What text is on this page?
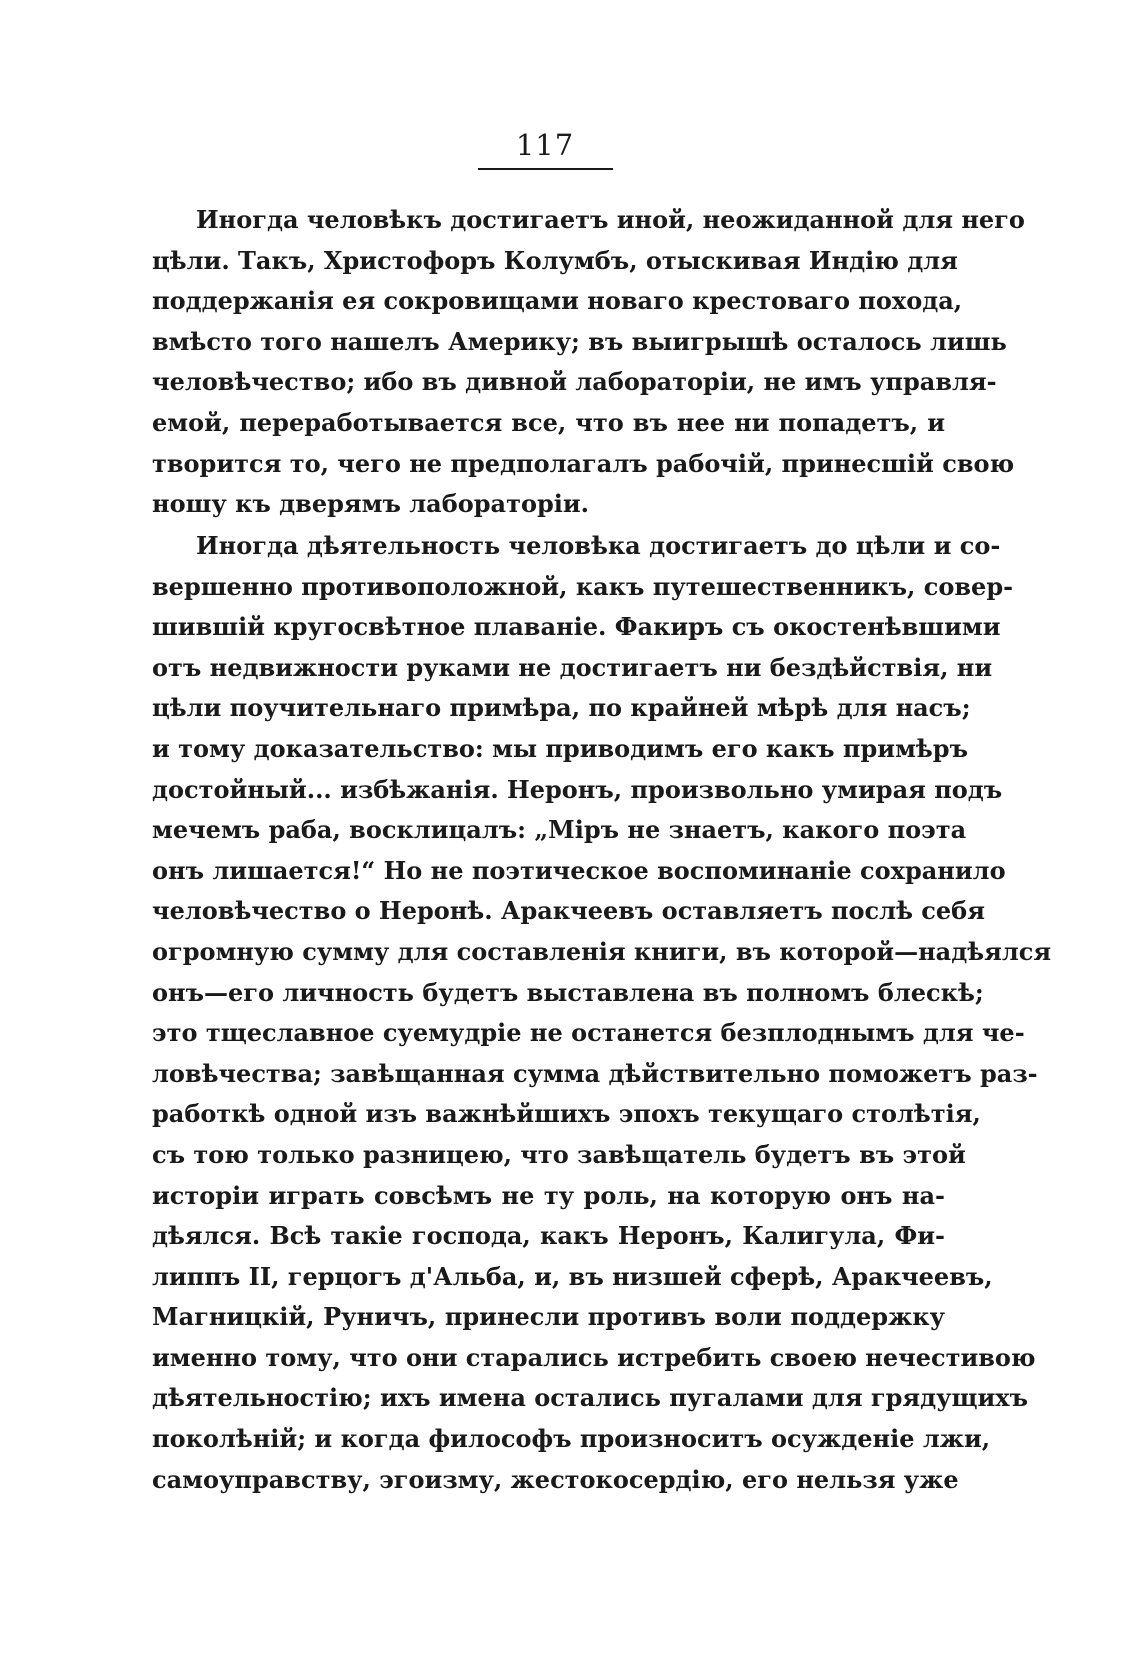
117
Иногда человѣкъ достигаетъ иной, неожиданной для него
цѣли. Такъ, Христофоръ Колумбъ, отыскивая Индію для
поддержанія ея сокровищами новаго крестоваго похода,
вмѣсто того нашелъ Америку; въ выигрышѣ осталось лишь
человѣчество; ибо въ дивной лабораторіи, не имъ управля-
емой, переработывается все, что въ нее ни попадетъ, и
творится то, чего не предполагалъ рабочій, принесшій свою
ношу къ дверямъ лабораторіи.
Иногда дѣятельность человѣка достигаетъ до цѣли и со-
вершенно противоположной, какъ путешественникъ, совер-
шившій кругосвѣтное плаваніе. Факиръ съ окостенѣвшими
отъ недвижности руками не достигаетъ ни бездѣйствія, ни
цѣли поучительнаго примѣра, по крайней мѣрѣ для насъ;
и тому доказательство: мы приводимъ его какъ примѣръ
достойный... избѣжанія. Неронъ, произвольно умирая подъ
мечемъ раба, восклицалъ: „Міръ не знаетъ, какого поэта
онъ лишается!“ Но не поэтическое воспоминаніе сохранило
человѣчество о Неронѣ. Аракчеевъ оставляетъ послѣ себя
огромную сумму для составленія книги, въ которой—надѣялся
онъ—его личность будетъ выставлена въ полномъ блескѣ;
это тщеславное суемудріе не останется безплоднымъ для че-
ловѣчества; завѣщанная сумма дѣйствительно поможетъ раз-
работкѣ одной изъ важнѣйшихъ эпохъ текущаго столѣтія,
съ тою только разницею, что завѣщатель будетъ въ этой
исторіи играть совсѣмъ не ту роль, на которую онъ на-
дѣялся. Всѣ такіе господа, какъ Неронъ, Калигула, Фи-
липпъ II, герцогъ д'Альба, и, въ низшей сферѣ, Аракчеевъ,
Магницкій, Руничъ, принесли противъ воли поддержку
именно тому, что они старались истребить своею нечестивою
дѣятельностію; ихъ имена остались пугалами для грядущихъ
поколѣній; и когда философъ произноситъ осужденіе лжи,
самоуправству, эгоизму, жестокосердію, его нельзя уже
